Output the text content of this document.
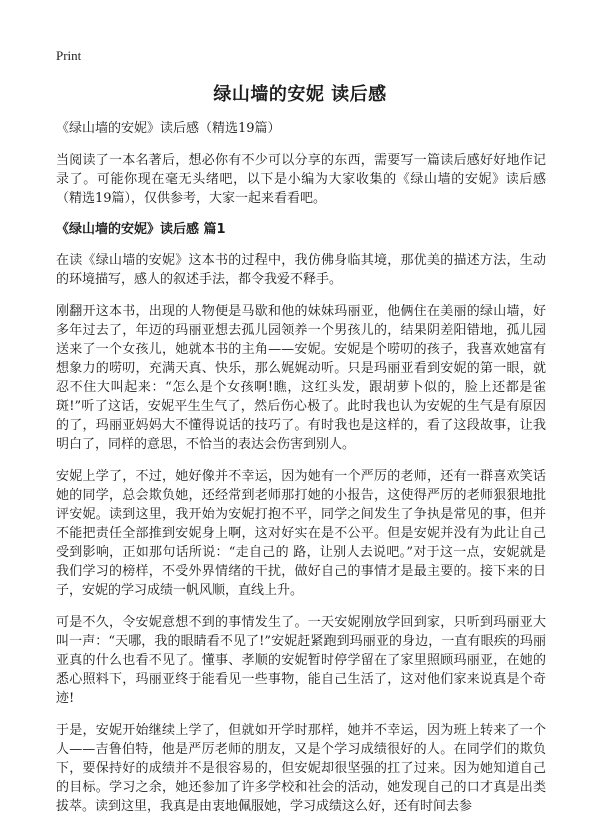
Print
绿山墙的安妮 读后感
《绿山墙的安妮》读后感（精选19篇）

当阅读了一本名著后，想必你有不少可以分享的东西，需要写一篇读后感好好地作记录了。可能你现在毫无头绪吧，以下是小编为大家收集的《绿山墙的安妮》读后感（精选19篇），仅供参考，大家一起来看看吧。

《绿山墙的安妮》读后感 篇1

在读《绿山墙的安妮》这本书的过程中，我仿佛身临其境，那优美的描述方法，生动的环境描写，感人的叙述手法，都令我爱不释手。

刚翻开这本书，出现的人物便是马歇和他的妹妹玛丽亚，他俩住在美丽的绿山墙，好多年过去了，年迈的玛丽亚想去孤儿园领养一个男孩儿的，结果阴差阳错地，孤儿园送来了一个女孩儿，她就本书的主角——安妮。安妮是个唠叨的孩子，我喜欢她富有想象力的唠叨，充满天真、快乐，那么娓娓动听。只是玛丽亚看到安妮的第一眼，就忍不住大叫起来：“怎么是个女孩啊!瞧，这红头发，跟胡萝卜似的，脸上还都是雀斑!”听了这话，安妮平生生气了，然后伤心极了。此时我也认为安妮的生气是有原因的了，玛丽亚妈妈大不懂得说话的技巧了。有时我也是这样的，看了这段故事，让我明白了，同样的意思，不恰当的表达会伤害到别人。

安妮上学了，不过，她好像并不幸运，因为她有一个严厉的老师，还有一群喜欢笑话她的同学，总会欺负她，还经常到老师那打她的小报告，这使得严厉的老师狠狠地批评安妮。读到这里，我开始为安妮打抱不平，同学之间发生了争执是常见的事，但并不能把责任全部推到安妮身上啊，这对好实在是不公平。但是安妮并没有为此让自己受到影响，正如那句话所说：“走自己的 路，让别人去说吧。”对于这一点，安妮就是我们学习的榜样，不受外界情绪的干扰，做好自己的事情才是最主要的。接下来的日子，安妮的学习成绩一帆风顺，直线上升。

可是不久，令安妮意想不到的事情发生了。一天安妮刚放学回到家，只听到玛丽亚大叫一声：“天哪，我的眼睛看不见了!”安妮赶紧跑到玛丽亚的身边，一直有眼疾的玛丽亚真的什么也看不见了。懂事、孝顺的安妮暂时停学留在了家里照顾玛丽亚，在她的悉心照料下，玛丽亚终于能看见一些事物，能自己生活了，这对他们家来说真是个奇迹!

于是，安妮开始继续上学了，但就如开学时那样，她并不幸运，因为班上转来了一个人——吉鲁伯特，他是严厉老师的朋友，又是个学习成绩很好的人。在同学们的欺负下，要保持好的成绩并不是很容易的，但安妮却很坚强的扛了过来。因为她知道自己的目标。学习之余，她还参加了许多学校和社会的活动，她发现自己的口才真是出类拔萃。读到这里，我真是由衷地佩服她，学习成绩这么好，还有时间去参
